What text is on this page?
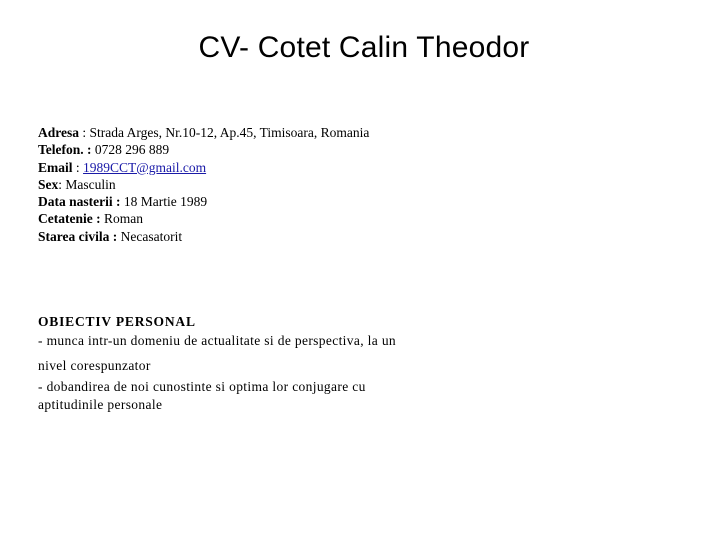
CV- Cotet Calin Theodor
Adresa : Strada Arges, Nr.10-12, Ap.45, Timisoara, Romania
Telefon. : 0728 296 889
Email : 1989CCT@gmail.com
Sex: Masculin
Data nasterii : 18 Martie 1989
Cetatenie : Roman
Starea civila : Necasatorit
OBIECTIV PERSONAL
- munca intr-un domeniu de actualitate si de perspectiva, la un
nivel corespunzator
- dobandirea de noi cunostinte si optima lor conjugare cu
aptitudinile personale
